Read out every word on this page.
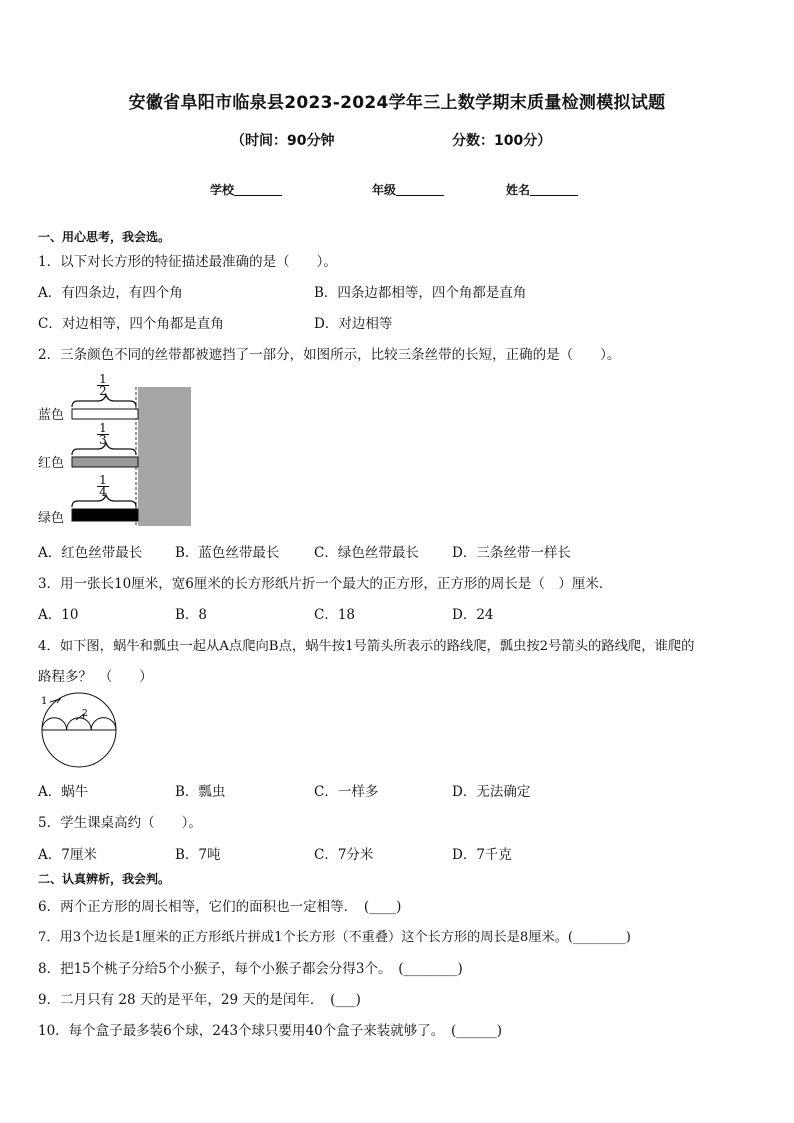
安徽省阜阳市临泉县2023-2024学年三上数学期末质量检测模拟试题
（时间：90分钟	分数：100分）
学校	年级	姓名
一、用心思考，我会选。
1．以下对长方形的特征描述最准确的是（　　）。
A．有四条边，有四个角	B．四条边都相等，四个角都是直角
C．对边相等，四个角都是直角	D．对边相等
2．三条颜色不同的丝带都被遮挡了一部分，如图所示，比较三条丝带的长短，正确的是（　　）。
蓝色
红色
绿色
1
2
1
3
1
4
A．红色丝带最长 B．蓝色丝带最长	C．绿色丝带最长 D．三条丝带一样长
3．用一张长10厘米，宽6厘米的长方形纸片折一个最大的正方形，正方形的周长是（　）厘米．
A．10	B．8	C．18	D．24
4．如下图，蜗牛和瓢虫一起从A点爬向B点，蜗牛按1号箭头所表示的路线爬，瓢虫按2号箭头的路线爬，谁爬的
路程多？　（　　）
1
2
A．蜗牛	B．瓢虫	C．一样多	D．无法确定
5．学生课桌高约（　　）。
A．7厘米	B．7吨	C．7分米	D．7千克
二、认真辨析，我会判。
6．两个正方形的周长相等，它们的面积也一定相等．　(____)
7．用3个边长是1厘米的正方形纸片拼成1个长方形（不重叠）这个长方形的周长是8厘米。(________)
8．把15个桃子分给5个小猴子，每个小猴子都会分得3个。　(________)
9．二月只有 28 天的是平年，29 天的是闰年．　(___)
10．每个盒子最多装6个球，243个球只要用40个盒子来装就够了。　(______)
